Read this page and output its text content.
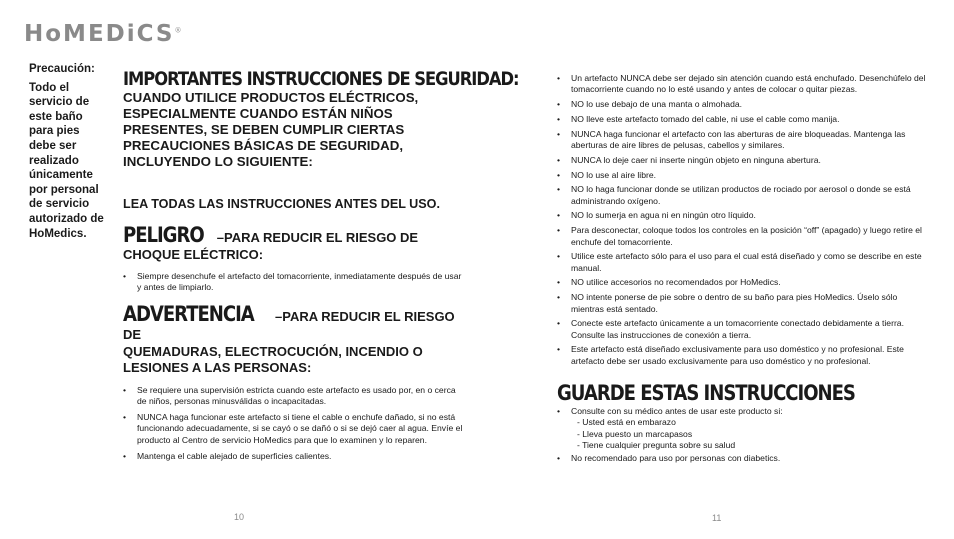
HoMEDiCS®
Precaución:
Todo el servicio de este baño para pies debe ser realizado únicamente por personal de servicio autorizado de HoMedics.
IMPORTANTES INSTRUCCIONES DE SEGURIDAD:
CUANDO UTILICE PRODUCTOS ELÉCTRICOS, ESPECIALMENTE CUANDO ESTÁN NIÑOS PRESENTES, SE DEBEN CUMPLIR CIERTAS PRECAUCIONES BÁSICAS DE SEGURIDAD, INCLUYENDO LO SIGUIENTE:
LEA TODAS LAS INSTRUCCIONES ANTES DEL USO.
PELIGRO –PARA REDUCIR EL RIESGO DE
CHOQUE ELÉCTRICO:
• Siempre desenchufe el artefacto del tomacorriente, inmediatamente después de usar y antes de limpiarlo.
ADVERTENCIA –PARA REDUCIR EL RIESGO DE
QUEMADURAS, ELECTROCUCIÓN, INCENDIO O LESIONES A LAS PERSONAS:
• Se requiere una supervisión estricta cuando este artefacto es usado por, en o cerca de niños, personas minusválidas o incapacitadas.
• NUNCA haga funcionar este artefacto si tiene el cable o enchufe dañado, si no está funcionando adecuadamente, si se cayó o se dañó o si se dejó caer al agua. Envíe el producto al Centro de servicio HoMedics para que lo examinen y lo reparen.
• Mantenga el cable alejado de superficies calientes.
• Un artefacto NUNCA debe ser dejado sin atención cuando está enchufado. Desenchúfelo del tomacorriente cuando no lo esté usando y antes de colocar o quitar piezas.
• NO lo use debajo de una manta o almohada.
• NO lleve este artefacto tomado del cable, ni use el cable como manija.
• NUNCA haga funcionar el artefacto con las aberturas de aire bloqueadas. Mantenga las aberturas de aire libres de pelusas, cabellos y similares.
• NUNCA lo deje caer ni inserte ningún objeto en ninguna abertura.
• NO lo use al aire libre.
• NO lo haga funcionar donde se utilizan productos de rociado por aerosol o donde se está administrando oxígeno.
• NO lo sumerja en agua ni en ningún otro líquido.
• Para desconectar, coloque todos los controles en la posición “off” (apagado) y luego retire el enchufe del tomacorriente.
• Utilice este artefacto sólo para el uso para el cual está diseñado y como se describe en este manual.
• NO utilice accesorios no recomendados por HoMedics.
• NO intente ponerse de pie sobre o dentro de su baño para pies HoMedics. Úselo sólo mientras está sentado.
• Conecte este artefacto únicamente a un tomacorriente conectado debidamente a tierra. Consulte las instrucciones de conexión a tierra.
• Este artefacto está diseñado exclusivamente para uso doméstico y no profesional. Este artefacto debe ser usado exclusivamente para uso doméstico y no profesional.
GUARDE ESTAS INSTRUCCIONES
• Consulte con su médico antes de usar este producto si:
- Usted está en embarazo
- Lleva puesto un marcapasos
- Tiene cualquier pregunta sobre su salud
• No recomendado para uso por personas con diabetics.
10	11
